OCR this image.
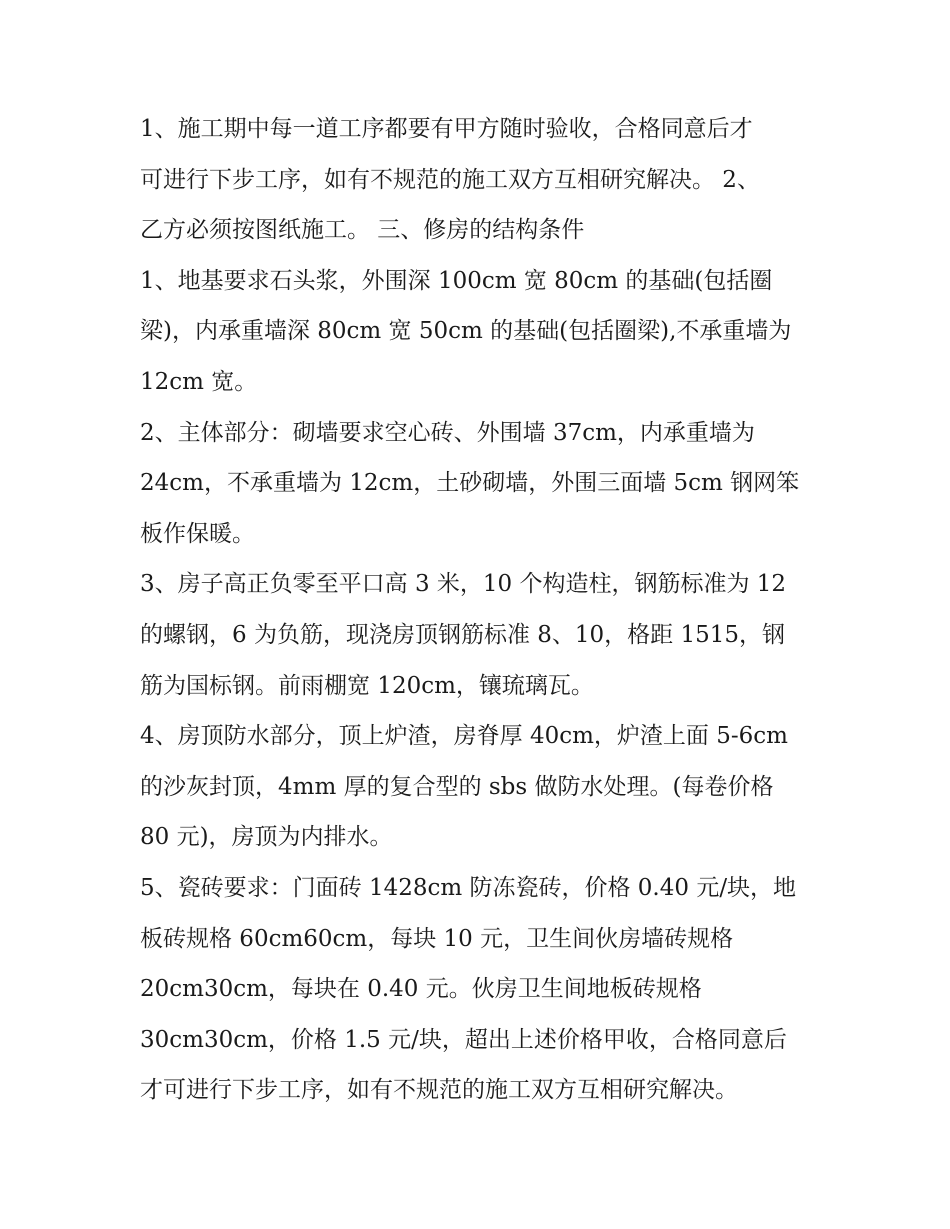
1、施工期中每一道工序都要有甲方随时验收，合格同意后才
可进行下步工序，如有不规范的施工双方互相研究解决。 2、
乙方必须按图纸施工。 三、修房的结构条件

1、地基要求石头浆，外围深 100cm 宽 80cm 的基础(包括圈
梁)，内承重墙深 80cm 宽 50cm 的基础(包括圈梁),不承重墙为
12cm 宽。

2、主体部分：砌墙要求空心砖、外围墙 37cm，内承重墙为
24cm，不承重墙为 12cm，土砂砌墙，外围三面墙 5cm 钢网笨
板作保暖。

3、房子高正负零至平口高 3 米，10 个构造柱，钢筋标准为 12
的螺钢，6 为负筋，现浇房顶钢筋标准 8、10，格距 1515，钢
筋为国标钢。前雨棚宽 120cm，镶琉璃瓦。

4、房顶防水部分，顶上炉渣，房脊厚 40cm，炉渣上面 5-6cm
的沙灰封顶，4mm 厚的复合型的 sbs 做防水处理。(每卷价格
80 元)，房顶为内排水。

5、瓷砖要求：门面砖 1428cm 防冻瓷砖，价格 0.40 元/块，地
板砖规格 60cm60cm，每块 10 元，卫生间伙房墙砖规格
20cm30cm，每块在 0.40 元。伙房卫生间地板砖规格
30cm30cm，价格 1.5 元/块，超出上述价格甲收，合格同意后
才可进行下步工序，如有不规范的施工双方互相研究解决。
